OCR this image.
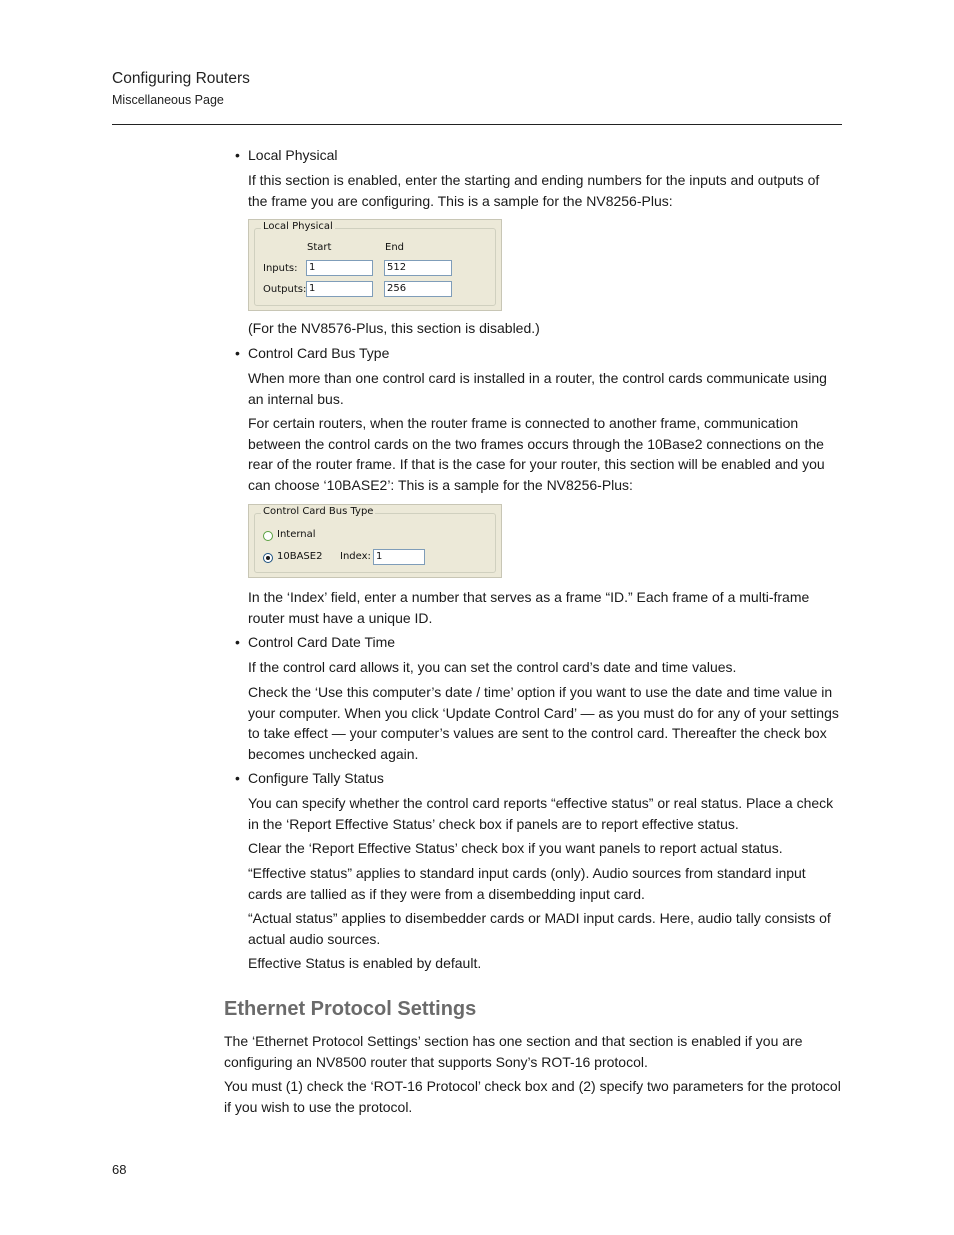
Configuring Routers
Miscellaneous Page
• Local Physical
If this section is enabled, enter the starting and ending numbers for the inputs and outputs of the frame you are configuring. This is a sample for the NV8256-Plus:
Local Physical
Start	End
Inputs:	1	512
Outputs: 1	256
(For the NV8576-Plus, this section is disabled.)
• Control Card Bus Type
When more than one control card is installed in a router, the control cards communicate using an internal bus.
For certain routers, when the router frame is connected to another frame, communication between the control cards on the two frames occurs through the 10Base2 connections on the rear of the router frame. If that is the case for your router, this section will be enabled and you can choose ‘10BASE2’: This is a sample for the NV8256-Plus:
Control Card Bus Type
Internal
10BASE2 Index: 1
In the ‘Index’ field, enter a number that serves as a frame “ID.” Each frame of a multi-frame router must have a unique ID.
• Control Card Date Time
If the control card allows it, you can set the control card’s date and time values.
Check the ‘Use this computer’s date / time’ option if you want to use the date and time value in your computer. When you click ‘Update Control Card’ — as you must do for any of your settings to take effect — your computer’s values are sent to the control card. Thereafter the check box becomes unchecked again.
• Configure Tally Status
You can specify whether the control card reports “effective status” or real status. Place a check in the ‘Report Effective Status’ check box if panels are to report effective status.
Clear the ‘Report Effective Status’ check box if you want panels to report actual status.
“Effective status” applies to standard input cards (only). Audio sources from standard input cards are tallied as if they were from a disembedding input card.
“Actual status” applies to disembedder cards or MADI input cards. Here, audio tally consists of actual audio sources.
Effective Status is enabled by default.
Ethernet Protocol Settings
The ‘Ethernet Protocol Settings’ section has one section and that section is enabled if you are configuring an NV8500 router that supports Sony’s ROT-16 protocol.
You must (1) check the ‘ROT-16 Protocol’ check box and (2) specify two parameters for the protocol if you wish to use the protocol.
68
